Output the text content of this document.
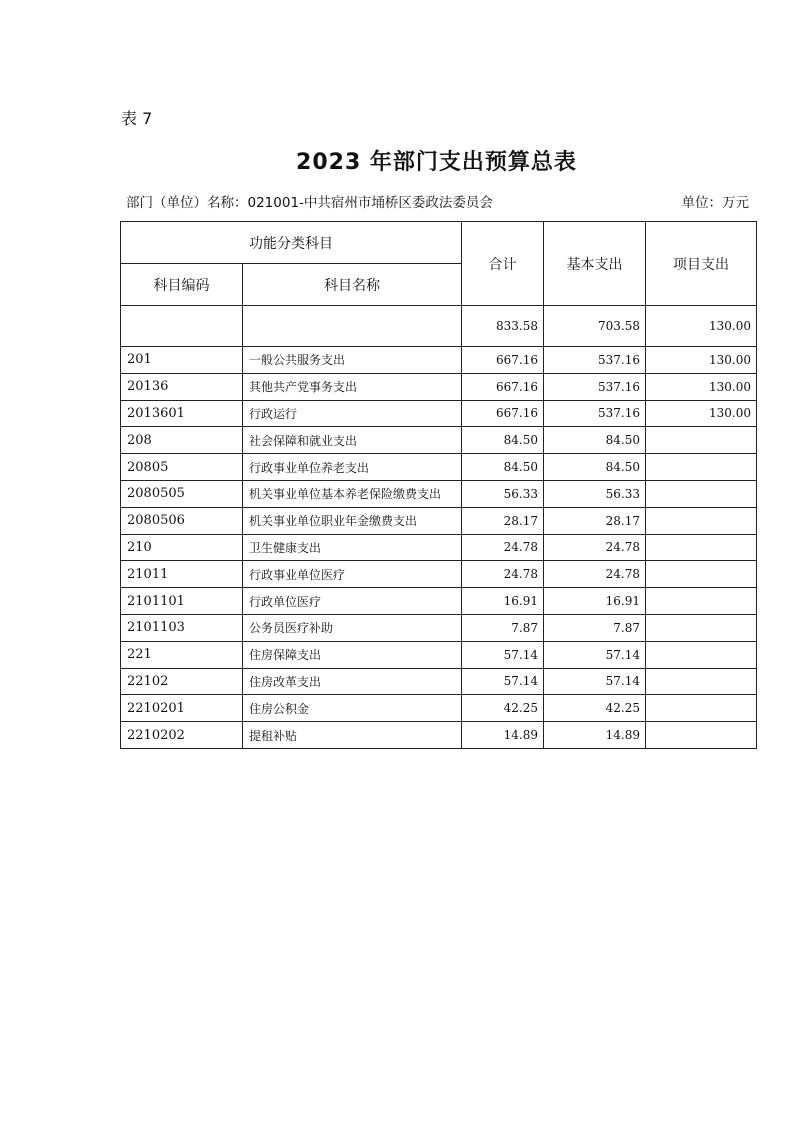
表 7
2023 年部门支出预算总表
部门（单位）名称：021001-中共宿州市埇桥区委政法委员会	单位：万元
功能分类科目		合计	基本支出	项目支出
科目编码	科目名称			
		833.58	703.58	130.00
201	一般公共服务支出	667.16	537.16	130.00
20136	其他共产党事务支出	667.16	537.16	130.00
2013601	行政运行	667.16	537.16	130.00
208	社会保障和就业支出	84.50	84.50	
20805	行政事业单位养老支出	84.50	84.50	
2080505	机关事业单位基本养老保险缴费支出	56.33	56.33	
2080506	机关事业单位职业年金缴费支出	28.17	28.17	
210	卫生健康支出	24.78	24.78	
21011	行政事业单位医疗	24.78	24.78	
2101101	行政单位医疗	16.91	16.91	
2101103	公务员医疗补助	7.87	7.87	
221	住房保障支出	57.14	57.14	
22102	住房改革支出	57.14	57.14	
2210201	住房公积金	42.25	42.25	
2210202	提租补贴	14.89	14.89	
